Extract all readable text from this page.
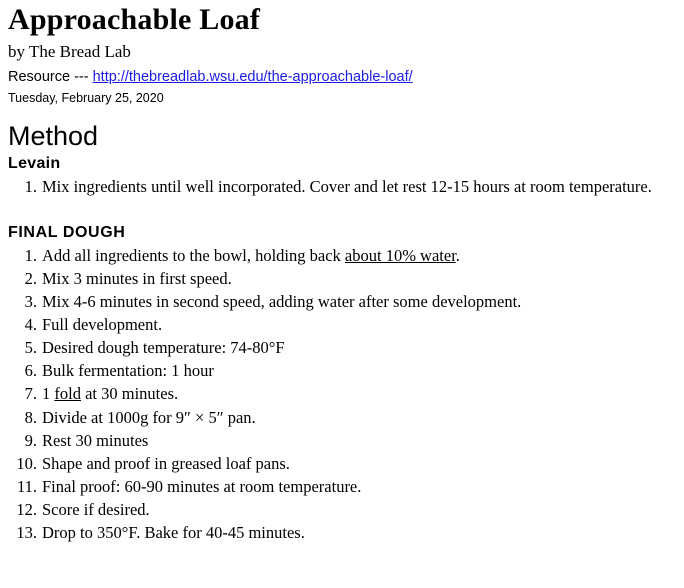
Approachable Loaf
by The Bread Lab
Resource --- http://thebreadlab.wsu.edu/the-approachable-loaf/
Tuesday, February 25, 2020
Method
Levain
1. Mix ingredients until well incorporated. Cover and let rest 12-15 hours at room temperature.
FINAL DOUGH
1. Add all ingredients to the bowl, holding back about 10% water.
2. Mix 3 minutes in first speed.
3. Mix 4-6 minutes in second speed, adding water after some development.
4. Full development.
5. Desired dough temperature: 74-80°F
6. Bulk fermentation: 1 hour
7. 1 fold at 30 minutes.
8. Divide at 1000g for 9″ × 5″ pan.
9. Rest 30 minutes
10. Shape and proof in greased loaf pans.
11. Final proof: 60-90 minutes at room temperature.
12. Score if desired.
13. Drop to 350°F. Bake for 40-45 minutes.
